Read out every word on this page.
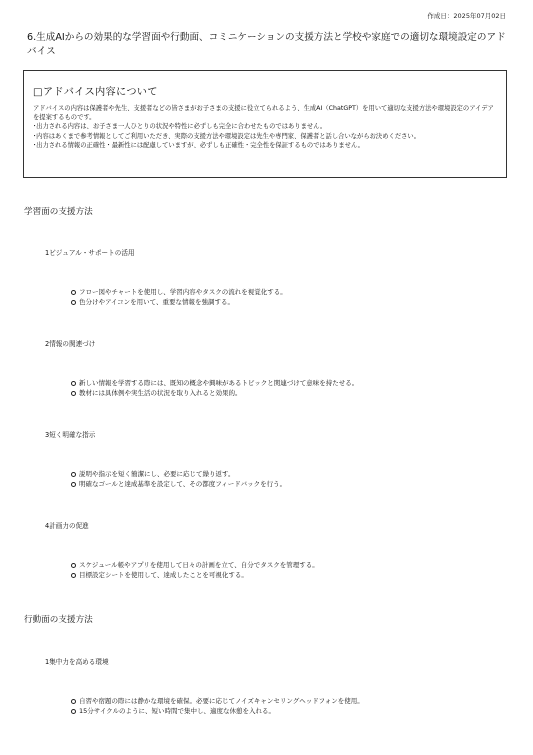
作成日：2025年07月02日
6.生成AIからの効果的な学習面や行動面、コミニケーションの支援方法と学校や家庭での適切な環境設定のアドバイス
□アドバイス内容について

アドバイスの内容は保護者や先生、支援者などの皆さまがお子さまの支援に役立てられるよう、生成AI（ChatGPT）を用いて適切な支援方法や環境設定のアイデアを提案するものです。

･出力される内容は、お子さま一人ひとりの状況や特性に必ずしも完全に合わせたものではありません。

･内容はあくまで参考情報としてご利用いただき、実際の支援方法や環境設定は先生や専門家、保護者と話し合いながらお決めください。

･出力される情報の正確性・最新性には配慮していますが、必ずしも正確性・完全性を保証するものではありません。

学習面の支援方法
1ビジュアル・サポートの活用
フロー図やチャートを使用し、学習内容やタスクの流れを視覚化する。
色分けやアイコンを用いて、重要な情報を強調する。
2情報の関連づけ
新しい情報を学習する際には、既知の概念や興味があるトピックと関連づけて意味を持たせる。
教材には具体例や実生活の状況を取り入れると効果的。
3短く明確な指示
説明や指示を短く簡潔にし、必要に応じて繰り返す。
明確なゴールと達成基準を設定して、その都度フィードバックを行う。
4計画力の促進
スケジュール帳やアプリを使用して日々の計画を立て、自分でタスクを管理する。
目標設定シートを使用して、達成したことを可視化する。
行動面の支援方法
1集中力を高める環境
自習や宿題の際には静かな環境を確保。必要に応じてノイズキャンセリングヘッドフォンを使用。
15分サイクルのように、短い時間で集中し、適度な休憩を入れる。
